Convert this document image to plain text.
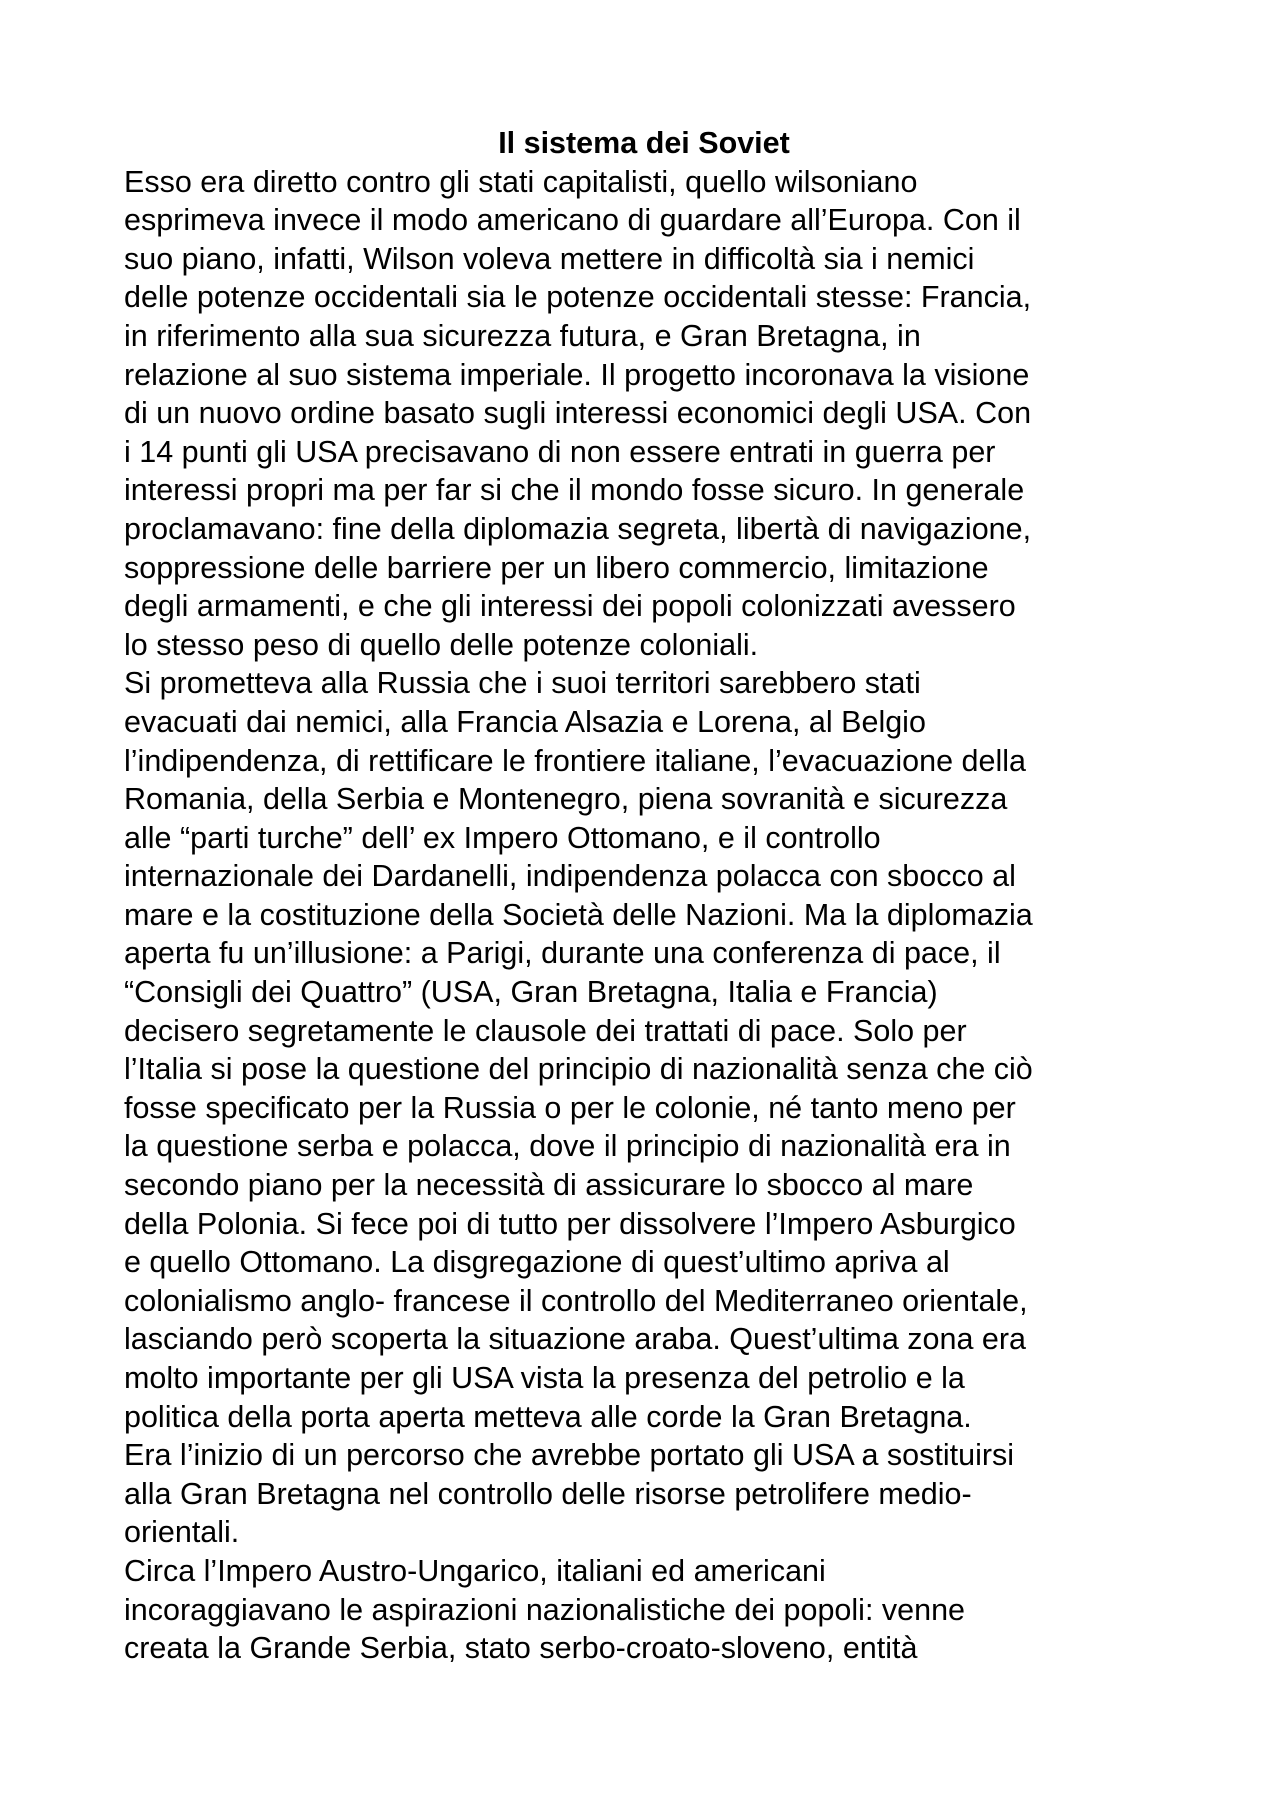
Il sistema dei Soviet
Esso era diretto contro gli stati capitalisti, quello wilsoniano
esprimeva invece il modo americano di guardare all’Europa. Con il
suo piano, infatti, Wilson voleva mettere in difficoltà sia i nemici
delle potenze occidentali sia le potenze occidentali stesse: Francia,
in riferimento alla sua sicurezza futura, e Gran Bretagna, in
relazione al suo sistema imperiale. Il progetto incoronava la visione
di un nuovo ordine basato sugli interessi economici degli USA. Con
i 14 punti gli USA precisavano di non essere entrati in guerra per
interessi propri ma per far si che il mondo fosse sicuro. In generale
proclamavano: fine della diplomazia segreta, libertà di navigazione,
soppressione delle barriere per un libero commercio, limitazione
degli armamenti, e che gli interessi dei popoli colonizzati avessero
lo stesso peso di quello delle potenze coloniali.
Si prometteva alla Russia che i suoi territori sarebbero stati
evacuati dai nemici, alla Francia Alsazia e Lorena, al Belgio
l’indipendenza, di rettificare le frontiere italiane, l’evacuazione della
Romania, della Serbia e Montenegro, piena sovranità e sicurezza
alle “parti turche” dell’ ex Impero Ottomano, e il controllo
internazionale dei Dardanelli, indipendenza polacca con sbocco al
mare e la costituzione della Società delle Nazioni. Ma la diplomazia
aperta fu un’illusione: a Parigi, durante una conferenza di pace, il
“Consigli dei Quattro” (USA, Gran Bretagna, Italia e Francia)
decisero segretamente le clausole dei trattati di pace. Solo per
l’Italia si pose la questione del principio di nazionalità senza che ciò
fosse specificato per la Russia o per le colonie, né tanto meno per
la questione serba e polacca, dove il principio di nazionalità era in
secondo piano per la necessità di assicurare lo sbocco al mare
della Polonia. Si fece poi di tutto per dissolvere l’Impero Asburgico
e quello Ottomano. La disgregazione di quest’ultimo apriva al
colonialismo anglo- francese il controllo del Mediterraneo orientale,
lasciando però scoperta la situazione araba. Quest’ultima zona era
molto importante per gli USA vista la presenza del petrolio e la
politica della porta aperta metteva alle corde la Gran Bretagna.
Era l’inizio di un percorso che avrebbe portato gli USA a sostituirsi
alla Gran Bretagna nel controllo delle risorse petrolifere medio-
orientali.
Circa l’Impero Austro-Ungarico, italiani ed americani
incoraggiavano le aspirazioni nazionalistiche dei popoli: venne
creata la Grande Serbia, stato serbo-croato-sloveno, entità
